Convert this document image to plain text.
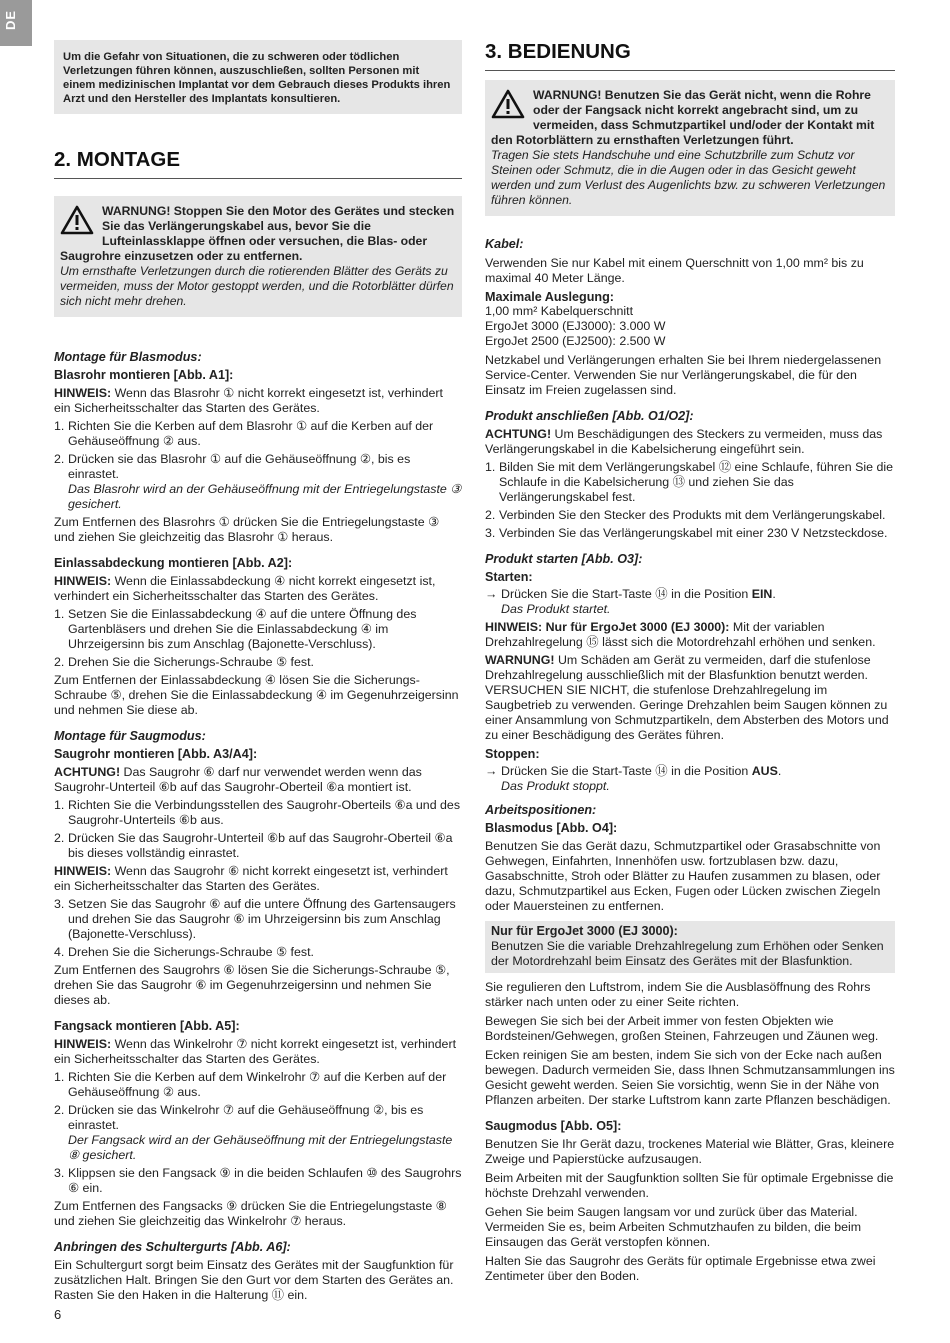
DE
Um die Gefahr von Situationen, die zu schweren oder tödlichen Verletzungen führen können, auszuschließen, sollten Personen mit einem medizinischen Implantat vor dem Gebrauch dieses Produkts ihren Arzt und den Hersteller des Implantats konsultieren.
2. MONTAGE
WARNUNG! Stoppen Sie den Motor des Gerätes und stecken Sie das Verlängerungskabel aus, bevor Sie die Lufteinlassklappe öffnen oder versuchen, die Blas- oder Saugrohre einzusetzen oder zu entfernen.
Um ernsthafte Verletzungen durch die rotierenden Blätter des Geräts zu vermeiden, muss der Motor gestoppt werden, und die Rotorblätter dürfen sich nicht mehr drehen.
Montage für Blasmodus:
Blasrohr montieren [Abb. A1]:

HINWEIS: Wenn das Blasrohr ① nicht korrekt eingesetzt ist, verhindert ein Sicherheitsschalter das Starten des Gerätes.

1. Richten Sie die Kerben auf dem Blasrohr ① auf die Kerben auf der Gehäuseöffnung ② aus.
2. Drücken sie das Blasrohr ① auf die Gehäuseöffnung ②, bis es einrastet.
Das Blasrohr wird an der Gehäuseöffnung mit der Entriegelungstaste ③ gesichert.

Zum Entfernen des Blasrohrs ① drücken Sie die Entriegelungstaste ③ und ziehen Sie gleichzeitig das Blasrohr ① heraus.

Einlassabdeckung montieren [Abb. A2]:

HINWEIS: Wenn die Einlassabdeckung ④ nicht korrekt eingesetzt ist, verhindert ein Sicherheitsschalter das Starten des Gerätes.

1. Setzen Sie die Einlassabdeckung ④ auf die untere Öffnung des Gartenbläsers und drehen Sie die Einlassabdeckung ④ im Uhrzeigersinn bis zum Anschlag (Bajonette-Verschluss).
2. Drehen Sie die Sicherungs-Schraube ⑤ fest.

Zum Entfernen der Einlassabdeckung ④ lösen Sie die Sicherungs-Schraube ⑤, drehen Sie die Einlassabdeckung ④ im Gegenuhrzeigersinn und nehmen Sie diese ab.

Montage für Saugmodus:
Saugrohr montieren [Abb. A3/A4]:

ACHTUNG! Das Saugrohr ⑥ darf nur verwendet werden wenn das Saugrohr-Unterteil ⑥b auf das Saugrohr-Oberteil ⑥a montiert ist.

1. Richten Sie die Verbindungsstellen des Saugrohr-Oberteils ⑥a und des Saugrohr-Unterteils ⑥b aus.
2. Drücken Sie das Saugrohr-Unterteil ⑥b auf das Saugrohr-Oberteil ⑥a bis dieses vollständig einrastet.

HINWEIS: Wenn das Saugrohr ⑥ nicht korrekt eingesetzt ist, verhindert ein Sicherheitsschalter das Starten des Gerätes.

3. Setzen Sie das Saugrohr ⑥ auf die untere Öffnung des Gartensaugers und drehen Sie das Saugrohr ⑥ im Uhrzeigersinn bis zum Anschlag (Bajonette-Verschluss).
4. Drehen Sie die Sicherungs-Schraube ⑤ fest.

Zum Entfernen des Saugrohrs ⑥ lösen Sie die Sicherungs-Schraube ⑤, drehen Sie das Saugrohr ⑥ im Gegenuhrzeigersinn und nehmen Sie dieses ab.

Fangsack montieren [Abb. A5]:

HINWEIS: Wenn das Winkelrohr ⑦ nicht korrekt eingesetzt ist, verhindert ein Sicherheitsschalter das Starten des Gerätes.

1. Richten Sie die Kerben auf dem Winkelrohr ⑦ auf die Kerben auf der Gehäuseöffnung ② aus.
2. Drücken sie das Winkelrohr ⑦ auf die Gehäuseöffnung ②, bis es einrastet.
Der Fangsack wird an der Gehäuseöffnung mit der Entriegelungstaste ⑧ gesichert.
3. Klippsen sie den Fangsack ⑨ in die beiden Schlaufen ⑩ des Saugrohrs ⑥ ein.

Zum Entfernen des Fangsacks ⑨ drücken Sie die Entriegelungstaste ⑧ und ziehen Sie gleichzeitig das Winkelrohr ⑦ heraus.

Anbringen des Schultergurts [Abb. A6]:

Ein Schultergurt sorgt beim Einsatz des Gerätes mit der Saugfunktion für zusätzlichen Halt. Bringen Sie den Gurt vor dem Starten des Gerätes an. Rasten Sie den Haken in die Halterung ⑪ ein.

3. BEDIENUNG
WARNUNG! Benutzen Sie das Gerät nicht, wenn die Rohre oder der Fangsack nicht korrekt angebracht sind, um zu vermeiden, dass Schmutzpartikel und/oder der Kontakt mit den Rotorblättern zu ernsthaften Verletzungen führt.
Tragen Sie stets Handschuhe und eine Schutzbrille zum Schutz vor Steinen oder Schmutz, die in die Augen oder in das Gesicht geweht werden und zum Verlust des Augenlichts bzw. zu schweren Verletzungen führen können.
Kabel:

Verwenden Sie nur Kabel mit einem Querschnitt von 1,00 mm² bis zu maximal 40 Meter Länge.

Maximale Auslegung:

1,00 mm² Kabelquerschnitt

ErgoJet 3000 (EJ3000): 3.000 W

ErgoJet 2500 (EJ2500): 2.500 W

Netzkabel und Verlängerungen erhalten Sie bei Ihrem niedergelassenen Service-Center. Verwenden Sie nur Verlängerungskabel, die für den Einsatz im Freien zugelassen sind.

Produkt anschließen [Abb. O1/O2]:

ACHTUNG! Um Beschädigungen des Steckers zu vermeiden, muss das Verlängerungskabel in die Kabelsicherung eingeführt sein.

1. Bilden Sie mit dem Verlängerungskabel ⑫ eine Schlaufe, führen Sie die Schlaufe in die Kabelsicherung ⑬ und ziehen Sie das Verlängerungskabel fest.
2. Verbinden Sie den Stecker des Produkts mit dem Verlängerungskabel.
3. Verbinden Sie das Verlängerungskabel mit einer 230 V Netzsteckdose.
Produkt starten [Abb. O3]:
Starten:
→ Drücken Sie die Start-Taste ⑭ in die Position EIN.
Das Produkt startet.

HINWEIS: Nur für ErgoJet 3000 (EJ 3000): Mit der variablen Drehzahlregelung ⑮ lässt sich die Motordrehzahl erhöhen und senken.

WARNUNG! Um Schäden am Gerät zu vermeiden, darf die stufenlose Drehzahlregelung ausschließlich mit der Blasfunktion benutzt werden. VERSUCHEN SIE NICHT, die stufenlose Drehzahlregelung im Saugbetrieb zu verwenden. Geringe Drehzahlen beim Saugen können zu einer Ansammlung von Schmutzpartikeln, dem Absterben des Motors und zu einer Beschädigung des Gerätes führen.

Stoppen:
→ Drücken Sie die Start-Taste ⑭ in die Position AUS.
Das Produkt stoppt.
Arbeitspositionen:
Blasmodus [Abb. O4]:

Benutzen Sie das Gerät dazu, Schmutzpartikel oder Grasabschnitte von Gehwegen, Einfahrten, Innenhöfen usw. fortzublasen bzw. dazu, Gasabschnitte, Stroh oder Blätter zu Haufen zusammen zu blasen, oder dazu, Schmutzpartikel aus Ecken, Fugen oder Lücken zwischen Ziegeln oder Mauersteinen zu entfernen.

Nur für ErgoJet 3000 (EJ 3000):

Benutzen Sie die variable Drehzahlregelung zum Erhöhen oder Senken der Motordrehzahl beim Einsatz des Gerätes mit der Blasfunktion.

Sie regulieren den Luftstrom, indem Sie die Ausblasöffnung des Rohrs stärker nach unten oder zu einer Seite richten.

Bewegen Sie sich bei der Arbeit immer von festen Objekten wie Bordsteinen/Gehwegen, großen Steinen, Fahrzeugen und Zäunen weg.

Ecken reinigen Sie am besten, indem Sie sich von der Ecke nach außen bewegen. Dadurch vermeiden Sie, dass Ihnen Schmutzansammlungen ins Gesicht geweht werden. Seien Sie vorsichtig, wenn Sie in der Nähe von Pflanzen arbeiten. Der starke Luftstrom kann zarte Pflanzen beschädigen.

Saugmodus [Abb. O5]:

Benutzen Sie Ihr Gerät dazu, trockenes Material wie Blätter, Gras, kleinere Zweige und Papierstücke aufzusaugen.

Beim Arbeiten mit der Saugfunktion sollten Sie für optimale Ergebnisse die höchste Drehzahl verwenden.

Gehen Sie beim Saugen langsam vor und zurück über das Material. Vermeiden Sie es, beim Arbeiten Schmutzhaufen zu bilden, die beim Einsaugen das Gerät verstopfen können.

Halten Sie das Saugrohr des Geräts für optimale Ergebnisse etwa zwei Zentimeter über den Boden.

6
